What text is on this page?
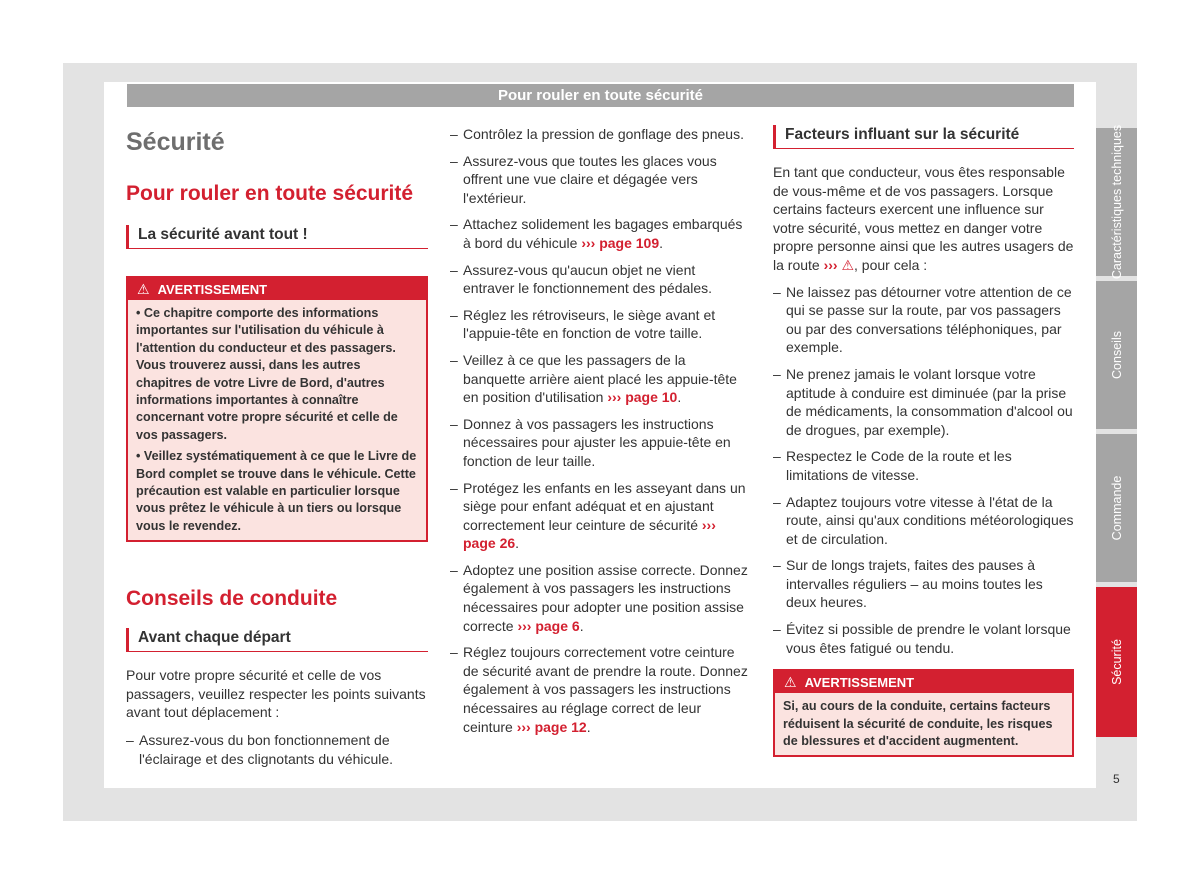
Pour rouler en toute sécurité
Sécurité
Pour rouler en toute sécurité
La sécurité avant tout !
⚠ AVERTISSEMENT

• Ce chapitre comporte des informations importantes sur l'utilisation du véhicule à l'attention du conducteur et des passagers. Vous trouverez aussi, dans les autres chapitres de votre Livre de Bord, d'autres informations importantes à connaître concernant votre propre sécurité et celle de vos passagers.

• Veillez systématiquement à ce que le Livre de Bord complet se trouve dans le véhicule. Cette précaution est valable en particulier lorsque vous prêtez le véhicule à un tiers ou lorsque vous le revendez.

Conseils de conduite
Avant chaque départ

Pour votre propre sécurité et celle de vos passagers, veuillez respecter les points suivants avant tout déplacement :

– Assurez-vous du bon fonctionnement de l'éclairage et des clignotants du véhicule.
– Contrôlez la pression de gonflage des pneus.
– Assurez-vous que toutes les glaces vous offrent une vue claire et dégagée vers l'extérieur.
– Attachez solidement les bagages embarqués à bord du véhicule ››› page 109.
– Assurez-vous qu'aucun objet ne vient entraver le fonctionnement des pédales.
– Réglez les rétroviseurs, le siège avant et l'appuie-tête en fonction de votre taille.
– Veillez à ce que les passagers de la banquette arrière aient placé les appuie-tête en position d'utilisation ››› page 10.
– Donnez à vos passagers les instructions nécessaires pour ajuster les appuie-tête en fonction de leur taille.
– Protégez les enfants en les asseyant dans un siège pour enfant adéquat et en ajustant correctement leur ceinture de sécurité ››› page 26.
– Adoptez une position assise correcte. Donnez également à vos passagers les instructions nécessaires pour adopter une position assise correcte ››› page 6.
– Réglez toujours correctement votre ceinture de sécurité avant de prendre la route. Donnez également à vos passagers les instructions nécessaires au réglage correct de leur ceinture ››› page 12.
Facteurs influant sur la sécurité

En tant que conducteur, vous êtes responsable de vous-même et de vos passagers. Lorsque certains facteurs exercent une influence sur votre sécurité, vous mettez en danger votre propre personne ainsi que les autres usagers de la route ››› ⚠, pour cela :

– Ne laissez pas détourner votre attention de ce qui se passe sur la route, par vos passagers ou par des conversations téléphoniques, par exemple.
– Ne prenez jamais le volant lorsque votre aptitude à conduire est diminuée (par la prise de médicaments, la consommation d'alcool ou de drogues, par exemple).
– Respectez le Code de la route et les limitations de vitesse.
– Adaptez toujours votre vitesse à l'état de la route, ainsi qu'aux conditions météorologiques et de circulation.
– Sur de longs trajets, faites des pauses à intervalles réguliers – au moins toutes les deux heures.
– Évitez si possible de prendre le volant lorsque vous êtes fatigué ou tendu.
⚠ AVERTISSEMENT

Si, au cours de la conduite, certains facteurs réduisent la sécurité de conduite, les risques de blessures et d'accident augmentent.

Caractéristiques techniques
Conseils
Commande
Sécurité
5
